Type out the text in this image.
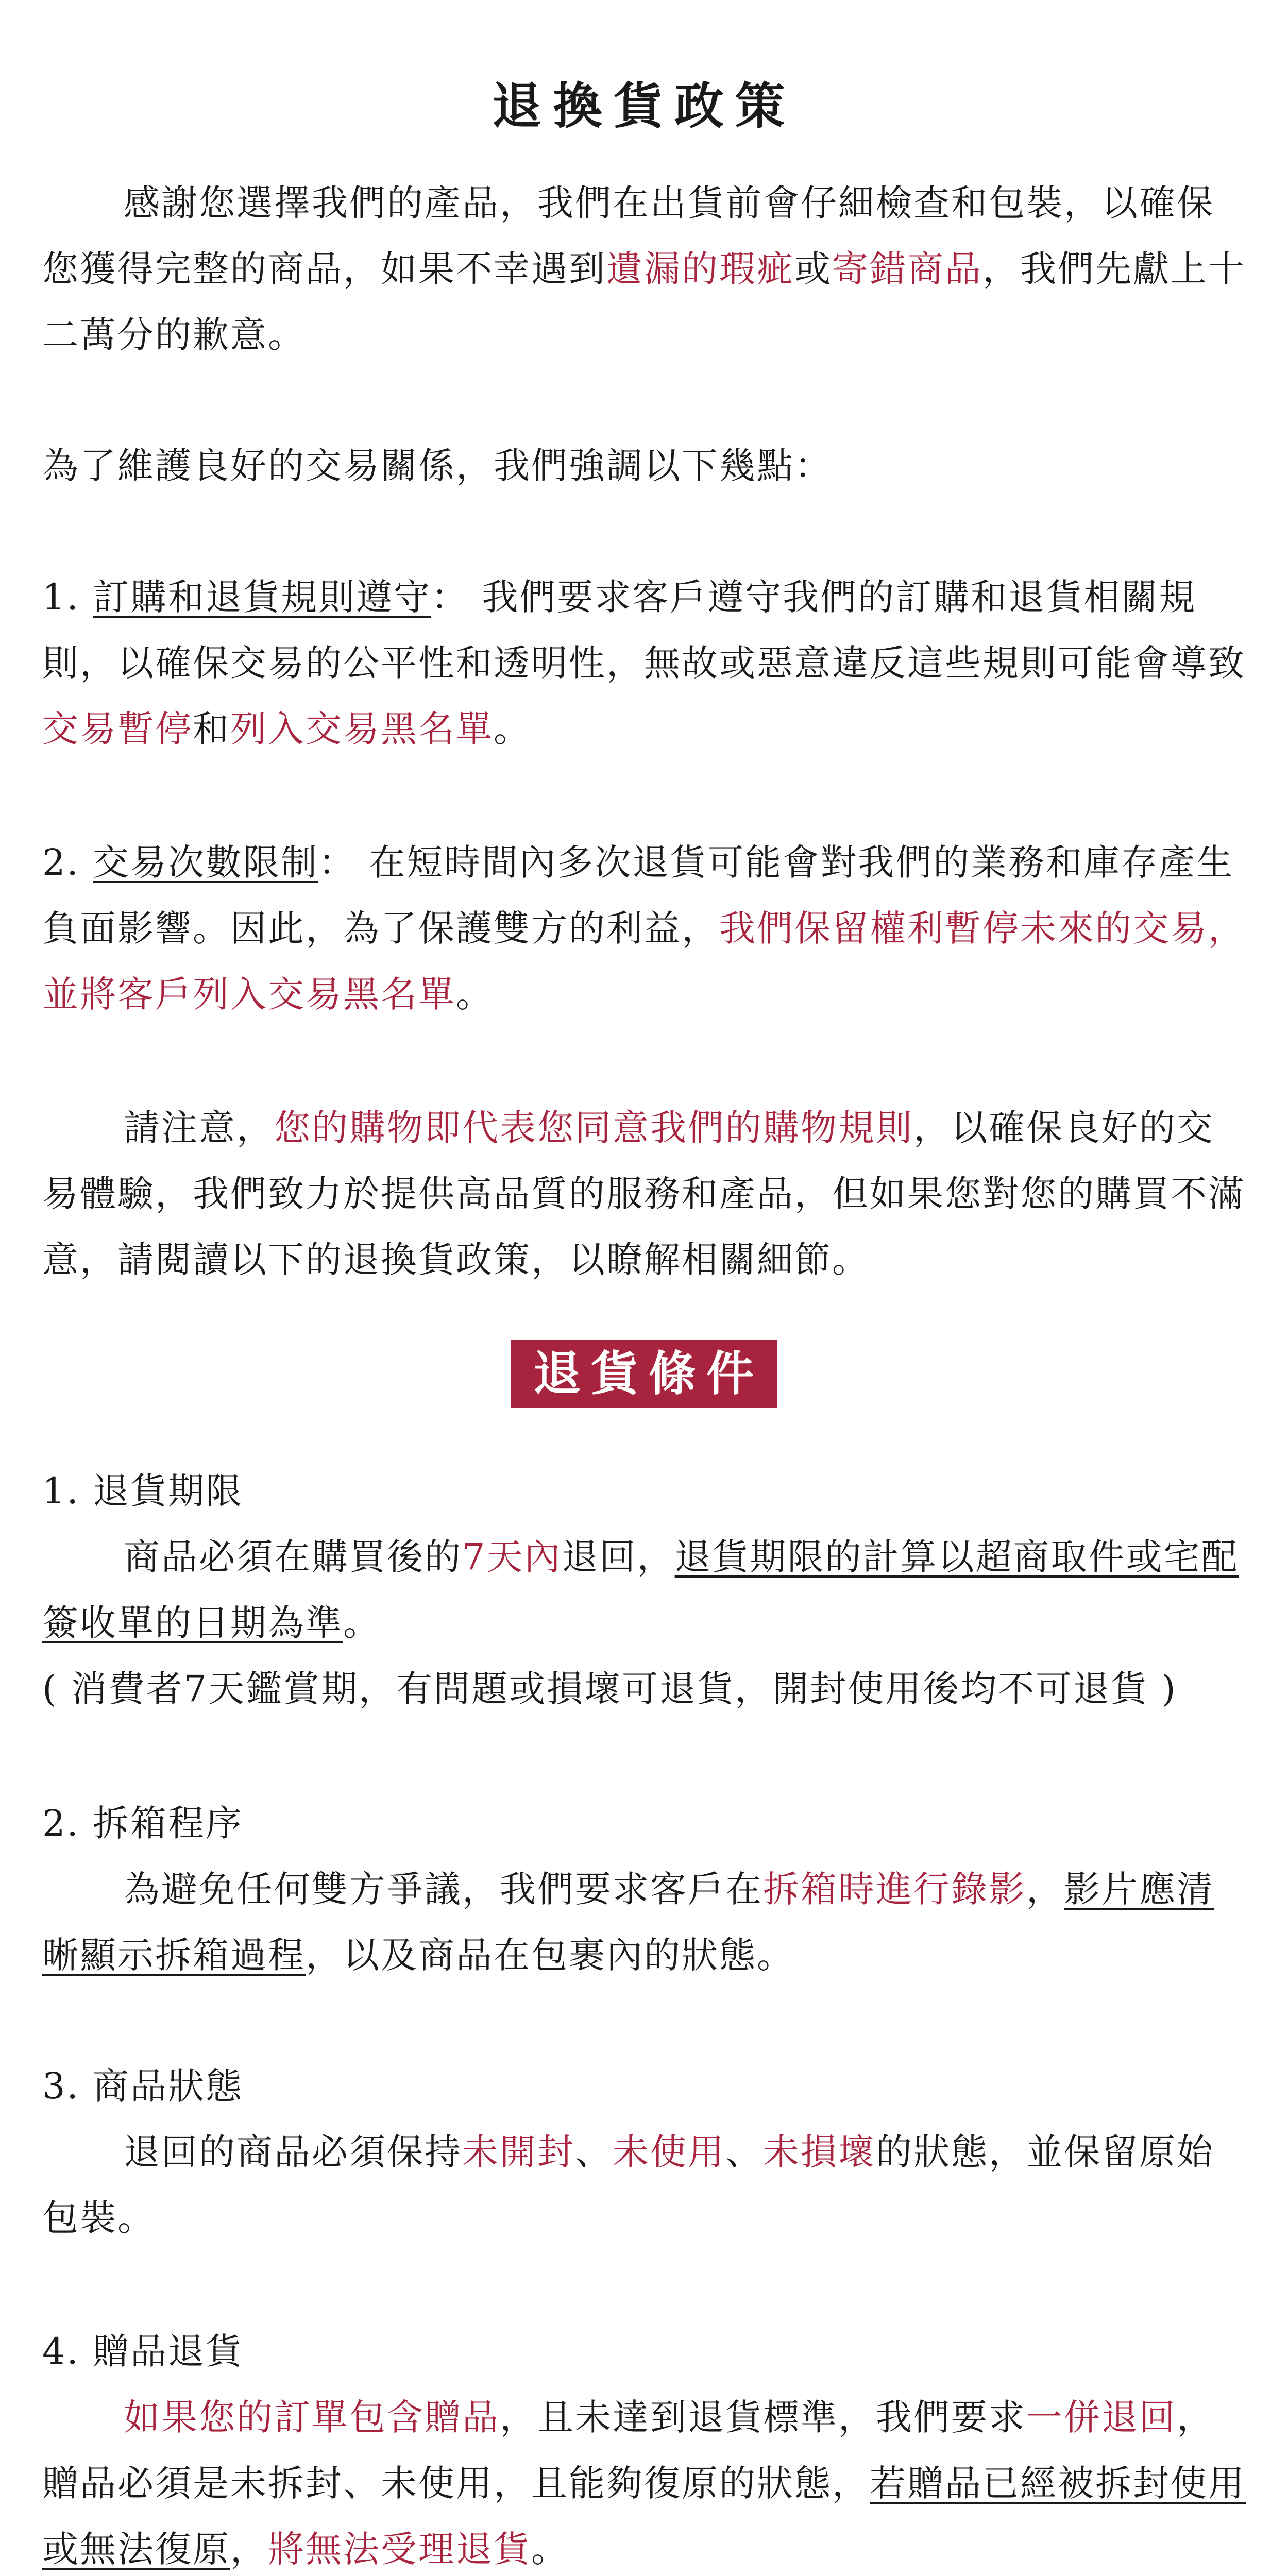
退換貨政策

感謝您選擇我們的產品，我們在出貨前會仔細檢查和包裝，以確保您獲得完整的商品，如果不幸遇到遺漏的瑕疵或寄錯商品，我們先獻上十二萬分的歉意。

為了維護良好的交易關係，我們強調以下幾點：

1. 訂購和退貨規則遵守： 我們要求客戶遵守我們的訂購和退貨相關規則，以確保交易的公平性和透明性，無故或惡意違反這些規則可能會導致交易暫停和列入交易黑名單。

2. 交易次數限制： 在短時間內多次退貨可能會對我們的業務和庫存產生負面影響。因此，為了保護雙方的利益，我們保留權利暫停未來的交易，並將客戶列入交易黑名單。

請注意，您的購物即代表您同意我們的購物規則，以確保良好的交易體驗，我們致力於提供高品質的服務和產品，但如果您對您的購買不滿意，請閱讀以下的退換貨政策，以瞭解相關細節。

退貨條件

1. 退貨期限

商品必須在購買後的7天內退回，退貨期限的計算以超商取件或宅配簽收單的日期為準。

( 消費者7天鑑賞期，有問題或損壞可退貨，開封使用後均不可退貨 )

2. 拆箱程序

為避免任何雙方爭議，我們要求客戶在拆箱時進行錄影，影片應清晰顯示拆箱過程，以及商品在包裹內的狀態。

3. 商品狀態

退回的商品必須保持未開封、未使用、未損壞的狀態，並保留原始包裝。

4. 贈品退貨

如果您的訂單包含贈品，且未達到退貨標準，我們要求一併退回，贈品必須是未拆封、未使用，且能夠復原的狀態，若贈品已經被拆封使用或無法復原，將無法受理退貨。
